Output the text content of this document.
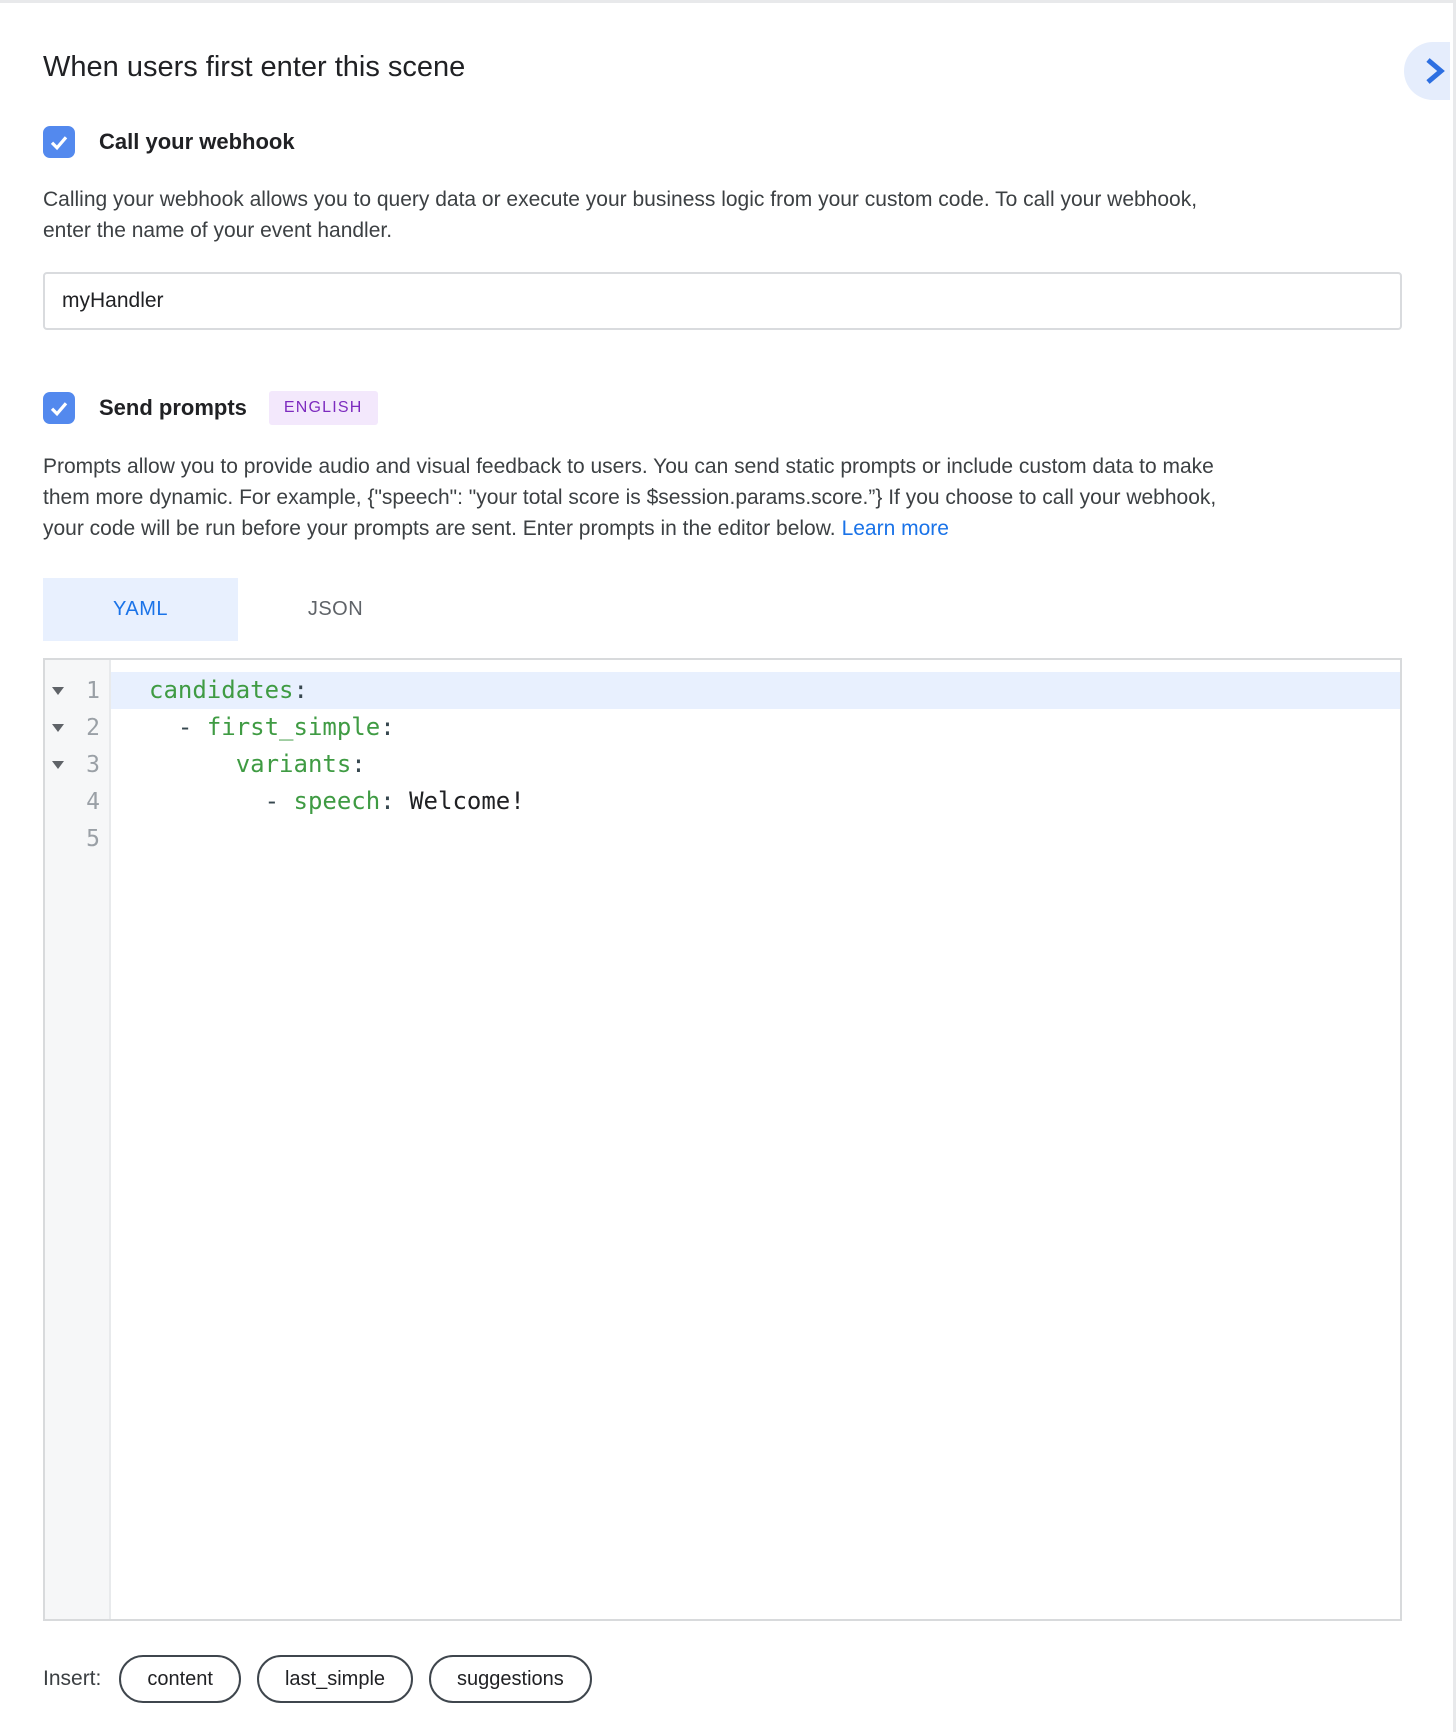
When users first enter this scene
Call your webhook
Calling your webhook allows you to query data or execute your business logic from your custom code. To call your webhook,
enter the name of your event handler.
myHandler
Send prompts	ENGLISH
Prompts allow you to provide audio and visual feedback to users. You can send static prompts or include custom data to make
them more dynamic. For example, {"speech": "your total score is $session.params.score.”} If you choose to call your webhook,
your code will be run before your prompts are sent. Enter prompts in the editor below. Learn more
YAML	JSON
1
2
3
4
5
candidates:
- first_simple:
variants:
- speech: Welcome!
Insert:	content	last_simple	suggestions
